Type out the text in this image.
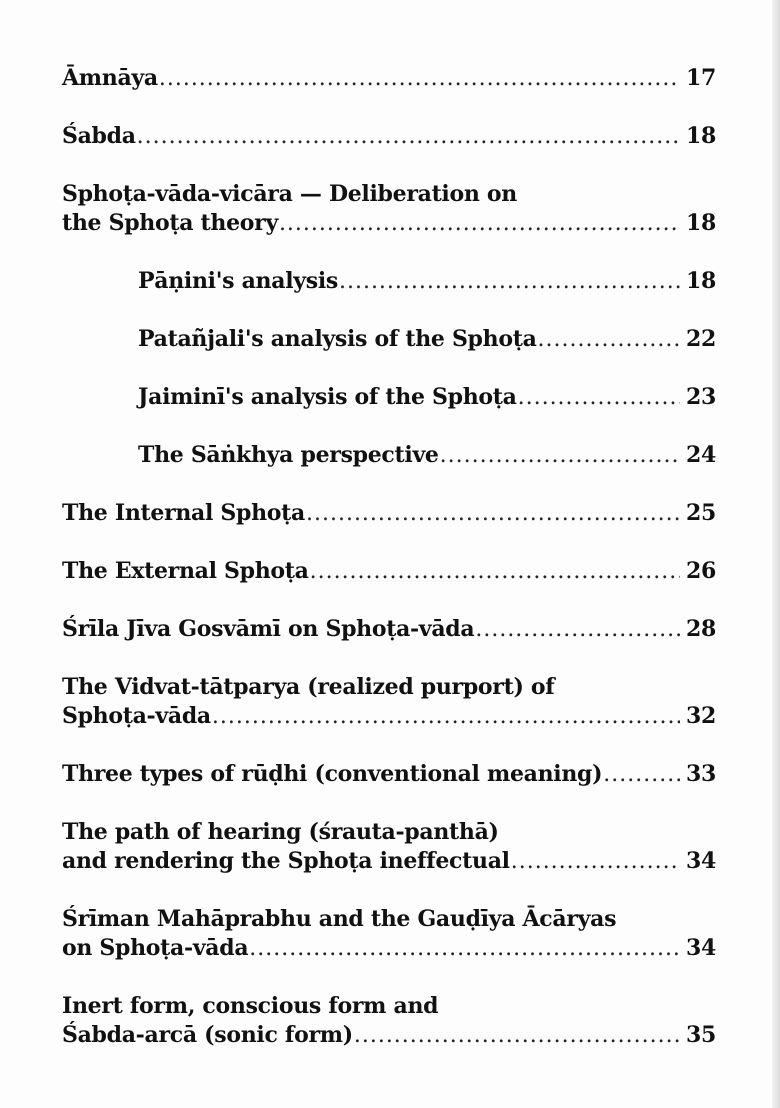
Āmnāya .....	17
Śabda .....	18
Sphoṭa-vāda-vicāra — Deliberation on
the Sphoṭa theory .....	18
Pāṇini's analysis .....	18
Patañjali's analysis of the Sphoṭa .....	22
Jaiminī's analysis of the Sphoṭa .....	23
The Sāṅkhya perspective .....	24
The Internal Sphoṭa .....	25
The External Sphoṭa .....	26
Śrīla Jīva Gosvāmī on Sphoṭa-vāda .....	28
The Vidvat-tātparya (realized purport) of
Sphoṭa-vāda .....	32
Three types of rūḍhi (conventional meaning) .....	33
The path of hearing (śrauta-panthā)
and rendering the Sphoṭa ineffectual .....	34
Śrīman Mahāprabhu and the Gauḍīya Ācāryas
on Sphoṭa-vāda .....	34
Inert form, conscious form and
Śabda-arcā (sonic form) .....	35
